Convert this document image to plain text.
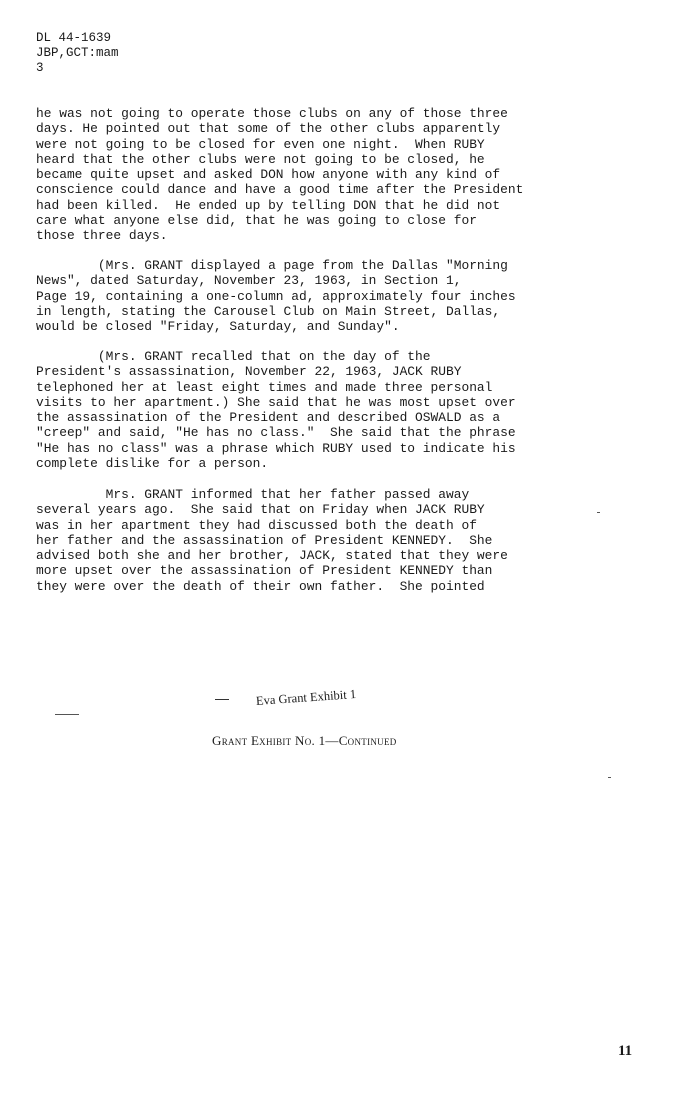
DL 44-1639
JBP,GCT:mam
3
he was not going to operate those clubs on any of those three
days. He pointed out that some of the other clubs apparently
were not going to be closed for even one night.  When RUBY
heard that the other clubs were not going to be closed, he
became quite upset and asked DON how anyone with any kind of
conscience could dance and have a good time after the President
had been killed.  He ended up by telling DON that he did not
care what anyone else did, that he was going to close for
those three days.
(Mrs. GRANT displayed a page from the Dallas "Morning
News", dated Saturday, November 23, 1963, in Section 1,
Page 19, containing a one-column ad, approximately four inches
in length, stating the Carousel Club on Main Street, Dallas,
would be closed "Friday, Saturday, and Sunday".
(Mrs. GRANT recalled that on the day of the
President's assassination, November 22, 1963, JACK RUBY
telephoned her at least eight times and made three personal
visits to her apartment.) She said that he was most upset over
the assassination of the President and described OSWALD as a
"creep" and said, "He has no class."  She said that the phrase
"He has no class" was a phrase which RUBY used to indicate his
complete dislike for a person.
Mrs. GRANT informed that her father passed away
several years ago.  She said that on Friday when JACK RUBY
was in her apartment they had discussed both the death of
her father and the assassination of President KENNEDY.  She
advised both she and her brother, JACK, stated that they were
more upset over the assassination of President KENNEDY than
they were over the death of their own father.  She pointed
Eva Grant Exhibit 1
Grant Exhibit No. 1—Continued
11
